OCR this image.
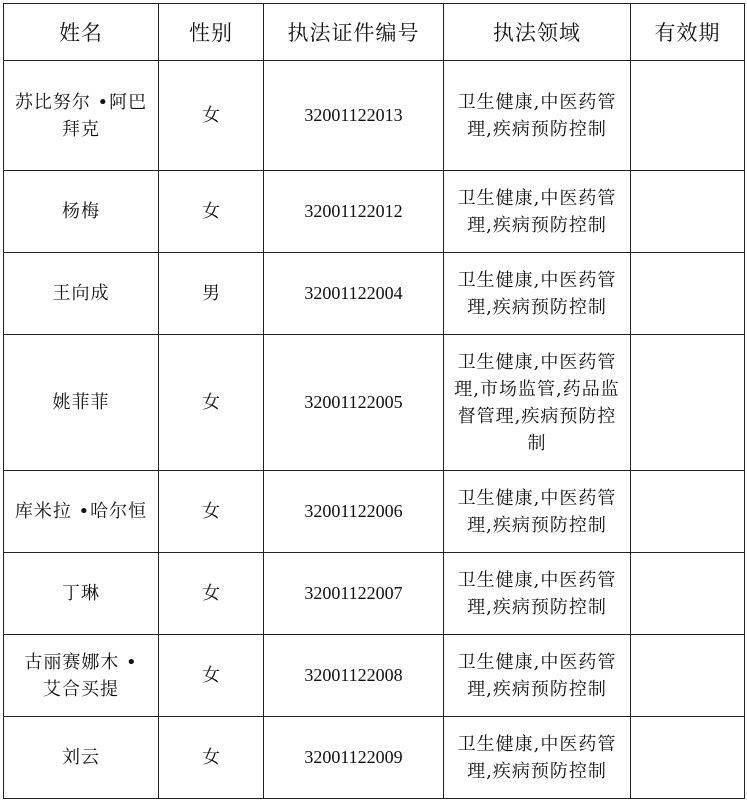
姓名	性别	执法证件编号	执法领域	有效期
苏比努尔 •阿巴拜克	女	32001122013	卫生健康,中医药管理,疾病预防控制	
杨梅	女	32001122012	卫生健康,中医药管理,疾病预防控制	
王向成	男	32001122004	卫生健康,中医药管理,疾病预防控制	
姚菲菲	女	32001122005	卫生健康,中医药管理,市场监管,药品监督管理,疾病预防控制	
库米拉 •哈尔恒	女	32001122006	卫生健康,中医药管理,疾病预防控制	
丁琳	女	32001122007	卫生健康,中医药管理,疾病预防控制	
古丽赛娜木 • 艾合买提	女	32001122008	卫生健康,中医药管理,疾病预防控制	
刘云	女	32001122009	卫生健康,中医药管理,疾病预防控制	
